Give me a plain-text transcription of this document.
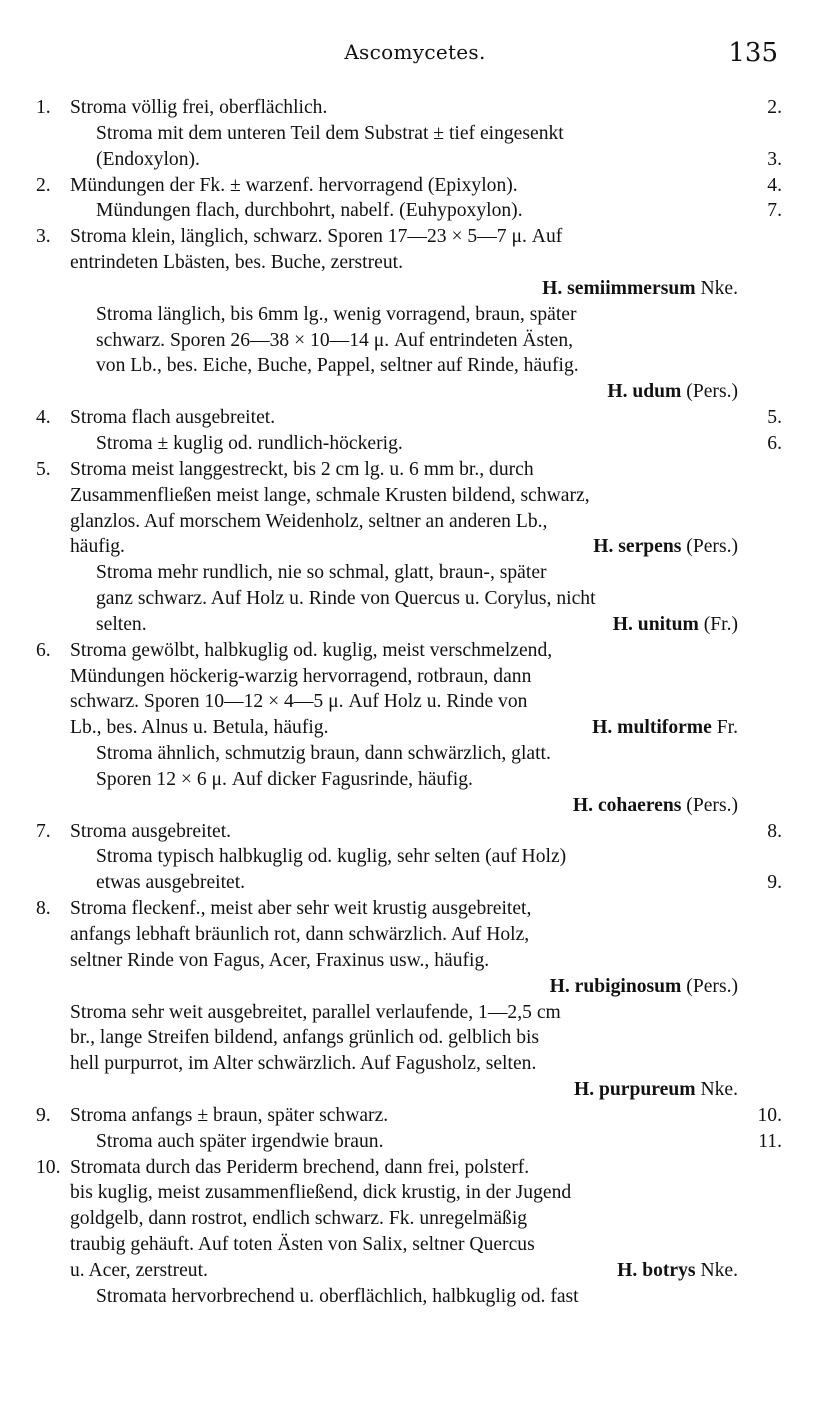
Ascomycetes.	135
1. Stroma völlig frei, oberflächlich.	2.
Stroma mit dem unteren Teil dem Substrat ± tief eingesenkt
(Endoxylon).	3.
2. Mündungen der Fk. ± warzenf. hervorragend (Epixylon).	4.
Mündungen flach, durchbohrt, nabelf. (Euhypoxylon).	7.
3. Stroma klein, länglich, schwarz. Sporen 17—23 × 5—7 μ. Auf
entrindeten Lbästen, bes. Buche, zerstreut.
H. semiimmersum Nke.
Stroma länglich, bis 6mm lg., wenig vorragend, braun, später
schwarz. Sporen 26—38 × 10—14 μ. Auf entrindeten Ästen,
von Lb., bes. Eiche, Buche, Pappel, seltner auf Rinde, häufig.
H. udum (Pers.)
4. Stroma flach ausgebreitet.	5.
Stroma ± kuglig od. rundlich-höckerig.	6.
5. Stroma meist langgestreckt, bis 2 cm lg. u. 6 mm br., durch
Zusammenfließen meist lange, schmale Krusten bildend, schwarz,
glanzlos. Auf morschem Weidenholz, seltner an anderen Lb.,
häufig.	H. serpens (Pers.)
Stroma mehr rundlich, nie so schmal, glatt, braun-, später
ganz schwarz. Auf Holz u. Rinde von Quercus u. Corylus, nicht
selten.	H. unitum (Fr.)
6. Stroma gewölbt, halbkuglig od. kuglig, meist verschmelzend,
Mündungen höckerig-warzig hervorragend, rotbraun, dann
schwarz. Sporen 10—12 × 4—5 μ. Auf Holz u. Rinde von
Lb., bes. Alnus u. Betula, häufig.	H. multiforme Fr.
Stroma ähnlich, schmutzig braun, dann schwärzlich, glatt.
Sporen 12 × 6 μ. Auf dicker Fagusrinde, häufig.
H. cohaerens (Pers.)
7. Stroma ausgebreitet.	8.
Stroma typisch halbkuglig od. kuglig, sehr selten (auf Holz)
etwas ausgebreitet.	9.
8. Stroma fleckenf., meist aber sehr weit krustig ausgebreitet,
anfangs lebhaft bräunlich rot, dann schwärzlich. Auf Holz,
seltner Rinde von Fagus, Acer, Fraxinus usw., häufig.
H. rubiginosum (Pers.)
Stroma sehr weit ausgebreitet, parallel verlaufende, 1—2,5 cm
br., lange Streifen bildend, anfangs grünlich od. gelblich bis
hell purpurrot, im Alter schwärzlich. Auf Fagusholz, selten.
H. purpureum Nke.
9. Stroma anfangs ± braun, später schwarz.	10.
Stroma auch später irgendwie braun.	11.
10. Stromata durch das Periderm brechend, dann frei, polsterf.
bis kuglig, meist zusammenfließend, dick krustig, in der Jugend
goldgelb, dann rostrot, endlich schwarz. Fk. unregelmäßig
traubig gehäuft. Auf toten Ästen von Salix, seltner Quercus
u. Acer, zerstreut.	H. botrys Nke.
Stromata hervorbrechend u. oberflächlich, halbkuglig od. fast
